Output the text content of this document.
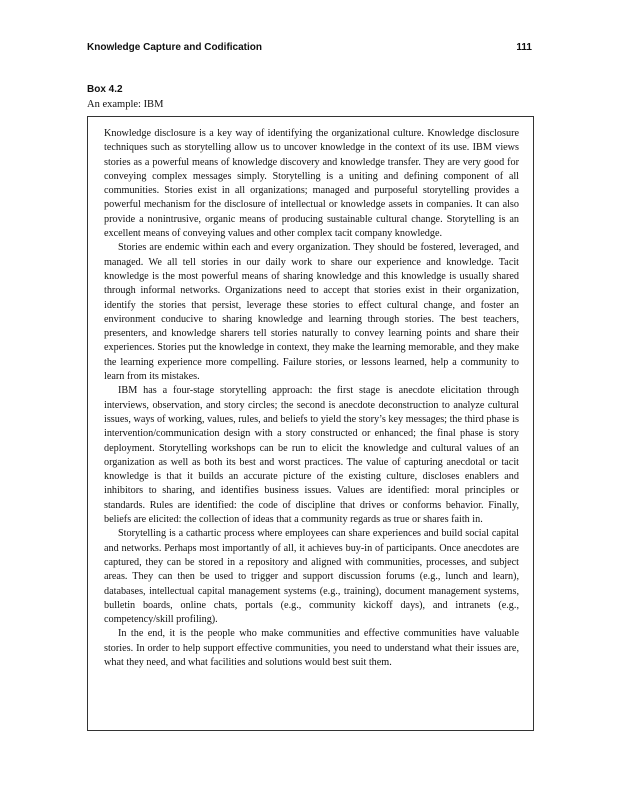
Knowledge Capture and Codification	111
Box 4.2
An example: IBM

Knowledge disclosure is a key way of identifying the organizational culture. Knowledge disclosure techniques such as storytelling allow us to uncover knowledge in the context of its use. IBM views stories as a powerful means of knowledge discovery and knowledge transfer. They are very good for conveying complex messages simply. Storytelling is a uniting and defining component of all communities. Stories exist in all organizations; managed and purposeful storytelling provides a powerful mechanism for the disclosure of intellectual or knowledge assets in companies. It can also provide a nonintrusive, organic means of producing sustainable cultural change. Storytelling is an excellent means of conveying values and other complex tacit company knowledge.

Stories are endemic within each and every organization. They should be fostered, leveraged, and managed. We all tell stories in our daily work to share our experience and knowledge. Tacit knowledge is the most powerful means of sharing knowledge and this knowledge is usually shared through informal networks. Organizations need to accept that stories exist in their organization, identify the stories that persist, leverage these stories to effect cultural change, and foster an environment conducive to sharing knowledge and learning through stories. The best teachers, presenters, and knowledge sharers tell stories naturally to convey learning points and share their experiences. Stories put the knowledge in context, they make the learning memorable, and they make the learning experience more compelling. Failure stories, or lessons learned, help a community to learn from its mistakes.

IBM has a four-stage storytelling approach: the first stage is anecdote elicitation through interviews, observation, and story circles; the second is anecdote deconstruction to analyze cultural issues, ways of working, values, rules, and beliefs to yield the story’s key messages; the third phase is intervention/communication design with a story constructed or enhanced; the final phase is story deployment. Storytelling workshops can be run to elicit the knowledge and cultural values of an organization as well as both its best and worst practices. The value of capturing anecdotal or tacit knowledge is that it builds an accurate picture of the existing culture, discloses enablers and inhibitors to sharing, and identifies business issues. Values are identified: moral principles or standards. Rules are identified: the code of discipline that drives or conforms behavior. Finally, beliefs are elicited: the collection of ideas that a community regards as true or shares faith in.

Storytelling is a cathartic process where employees can share experiences and build social capital and networks. Perhaps most importantly of all, it achieves buy-in of participants. Once anecdotes are captured, they can be stored in a repository and aligned with communities, processes, and subject areas. They can then be used to trigger and support discussion forums (e.g., lunch and learn), databases, intellectual capital management systems (e.g., training), document management systems, bulletin boards, online chats, portals (e.g., community kickoff days), and intranets (e.g., competency/skill profiling).

In the end, it is the people who make communities and effective communities have valuable stories. In order to help support effective communities, you need to understand what their issues are, what they need, and what facilities and solutions would best suit them.
